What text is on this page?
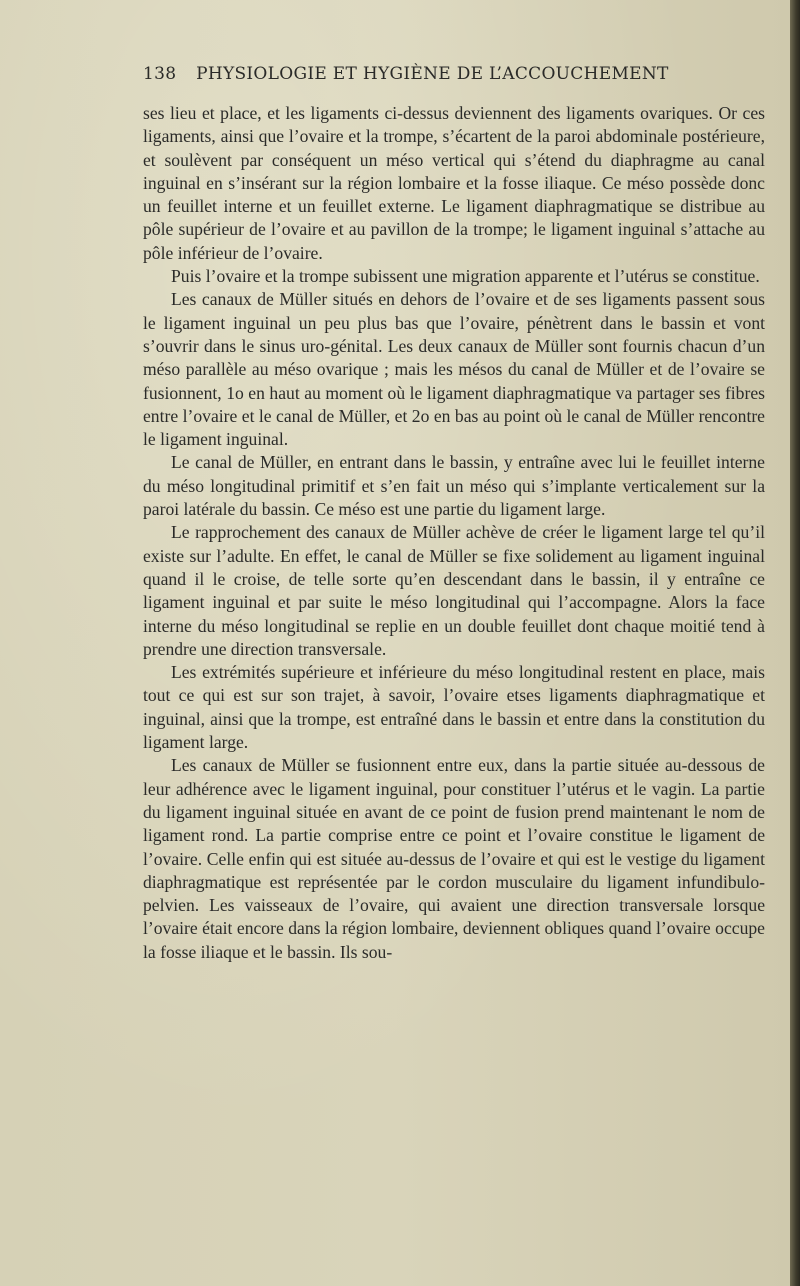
138 PHYSIOLOGIE ET HYGIÈNE DE L’ACCOUCHEMENT

ses lieu et place, et les ligaments ci-dessus deviennent des ligaments ovariques. Or ces ligaments, ainsi que l’ovaire et la trompe, s’écartent de la paroi abdominale postérieure, et soulèvent par conséquent un méso vertical qui s’étend du diaphragme au canal inguinal en s’insérant sur la région lombaire et la fosse iliaque. Ce méso possède donc un feuillet interne et un feuillet externe. Le ligament diaphragmatique se distribue au pôle supérieur de l’ovaire et au pavillon de la trompe; le ligament inguinal s’attache au pôle inférieur de l’ovaire.

Puis l’ovaire et la trompe subissent une migration apparente et l’utérus se constitue.

Les canaux de Müller situés en dehors de l’ovaire et de ses ligaments passent sous le ligament inguinal un peu plus bas que l’ovaire, pénètrent dans le bassin et vont s’ouvrir dans le sinus uro-génital. Les deux canaux de Müller sont fournis chacun d’un méso parallèle au méso ovarique ; mais les mésos du canal de Müller et de l’ovaire se fusionnent, 1o en haut au moment où le ligament diaphragmatique va partager ses fibres entre l’ovaire et le canal de Müller, et 2o en bas au point où le canal de Müller rencontre le ligament inguinal.

Le canal de Müller, en entrant dans le bassin, y entraîne avec lui le feuillet interne du méso longitudinal primitif et s’en fait un méso qui s’implante verticalement sur la paroi latérale du bassin. Ce méso est une partie du ligament large.

Le rapprochement des canaux de Müller achève de créer le ligament large tel qu’il existe sur l’adulte. En effet, le canal de Müller se fixe solidement au ligament inguinal quand il le croise, de telle sorte qu’en descendant dans le bassin, il y entraîne ce ligament inguinal et par suite le méso longitudinal qui l’accompagne. Alors la face interne du méso longitudinal se replie en un double feuillet dont chaque moitié tend à prendre une direction transversale.

Les extrémités supérieure et inférieure du méso longitudinal restent en place, mais tout ce qui est sur son trajet, à savoir, l’ovaire etses ligaments diaphragmatique et inguinal, ainsi que la trompe, est entraîné dans le bassin et entre dans la constitution du ligament large.

Les canaux de Müller se fusionnent entre eux, dans la partie située au-dessous de leur adhérence avec le ligament inguinal, pour constituer l’utérus et le vagin. La partie du ligament inguinal située en avant de ce point de fusion prend maintenant le nom de ligament rond. La partie comprise entre ce point et l’ovaire constitue le ligament de l’ovaire. Celle enfin qui est située au-dessus de l’ovaire et qui est le vestige du ligament diaphragmatique est représentée par le cordon musculaire du ligament infundibulo-pelvien. Les vaisseaux de l’ovaire, qui avaient une direction transversale lorsque l’ovaire était encore dans la région lombaire, deviennent obliques quand l’ovaire occupe la fosse iliaque et le bassin. Ils sou-
